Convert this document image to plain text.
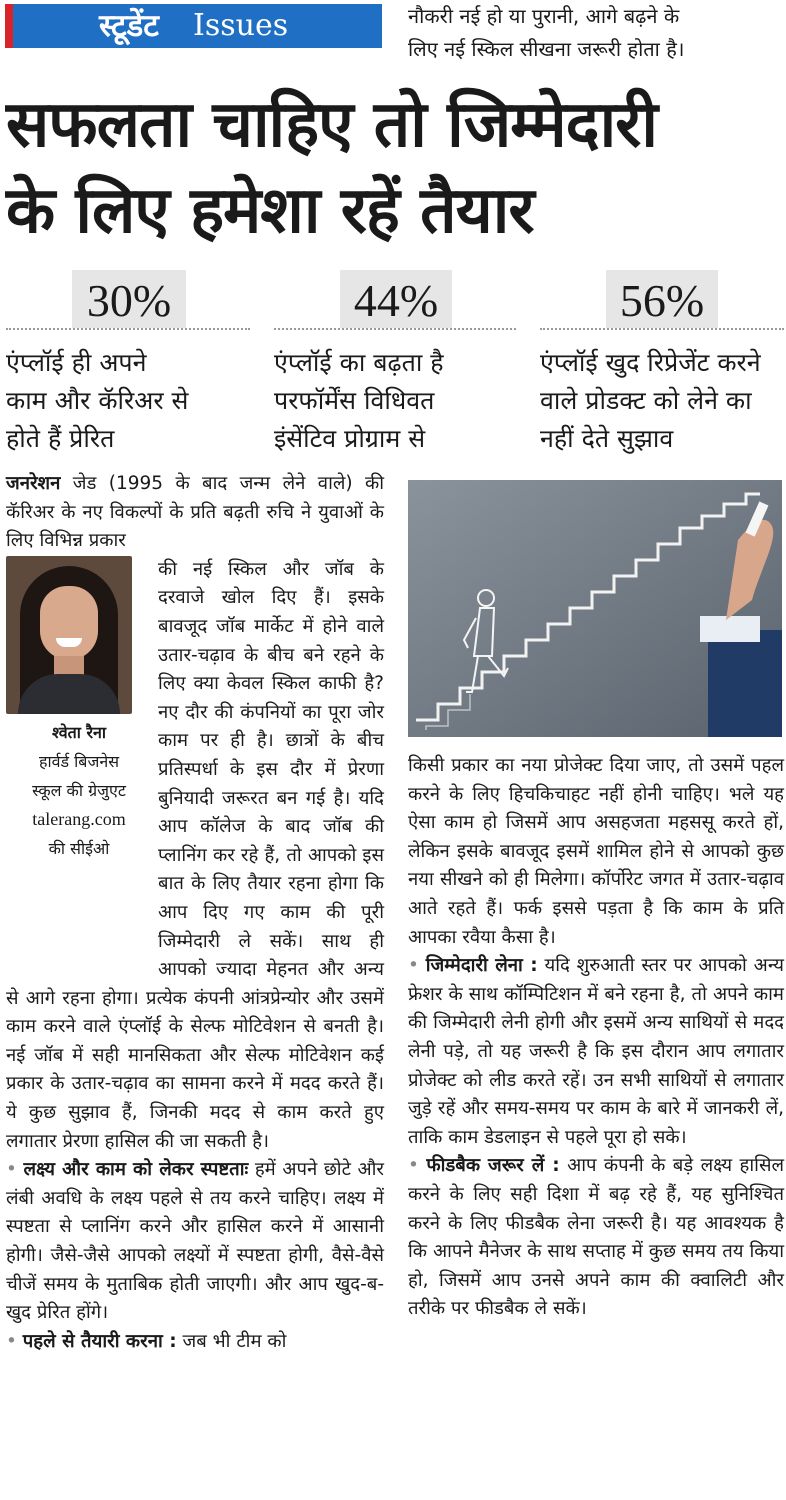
स्टूडेंट Issues	नौकरी नई हो या पुरानी, आगे बढ़ने के
लिए नई स्किल सीखना जरूरी होता है।
सफलता चाहिए तो जिम्मेदारी
के लिए हमेशा रहें तैयार
30%
एंप्लॉई ही अपने
काम और कॅरिअर से
होते हैं प्रेरित
44%
एंप्लॉई का बढ़ता है
परफॉर्मेंस विधिवत
इंसेंटिव प्रोग्राम से
56%
एंप्लॉई खुद रिप्रेजेंट करने
वाले प्रोडक्ट को लेने का
नहीं देते सुझाव

जनरेशन जेड (1995 के बाद जन्म लेने वाले) की कॅरिअर के नए विकल्पों के प्रति बढ़ती रुचि ने युवाओं के लिए विभिन्न प्रकार

श्वेता रैना
हार्वर्ड बिजनेस
स्कूल की ग्रेजुएट
talerang.com
की सीईओ
की नई स्किल और जॉब के दरवाजे खोल दिए हैं। इसके बावजूद जॉब मार्केट में होने वाले उतार-चढ़ाव के बीच बने रहने के लिए क्या केवल स्किल काफी है? नए दौर की कंपनियों का पूरा जोर काम पर ही है। छात्रों के बीच प्रतिस्पर्धा के इस दौर में प्रेरणा बुनियादी जरूरत बन गई है। यदि आप कॉलेज के बाद जॉब की प्लानिंग कर रहे हैं, तो आपको इस बात के लिए तैयार रहना होगा कि आप दिए गए काम की पूरी जिम्मेदारी ले सकें। साथ ही आपको ज्यादा मेहनत और अन्य से आगे रहना होगा। प्रत्येक कंपनी आंत्रप्रेन्योर और उसमें काम करने वाले एंप्लॉई के सेल्फ मोटिवेशन से बनती है। नई जॉब में सही मानसिकता और सेल्फ मोटिवेशन कई प्रकार के उतार-चढ़ाव का सामना करने में मदद करते हैं। ये कुछ सुझाव हैं, जिनकी मदद से काम करते हुए लगातार प्रेरणा हासिल की जा सकती है।

• लक्ष्य और काम को लेकर स्पष्टताः हमें अपने छोटे और लंबी अवधि के लक्ष्य पहले से तय करने चाहिए। लक्ष्य में स्पष्टता से प्लानिंग करने और हासिल करने में आसानी होगी। जैसे-जैसे आपको लक्ष्यों में स्पष्टता होगी, वैसे-वैसे चीजें समय के मुताबिक होती जाएगी। और आप खुद-ब-खुद प्रेरित होंगे।

• पहले से तैयारी करना : जब भी टीम को

किसी प्रकार का नया प्रोजेक्ट दिया जाए, तो उसमें पहल करने के लिए हिचकिचाहट नहीं होनी चाहिए। भले यह ऐसा काम हो जिसमें आप असहजता महससू करते हों, लेकिन इसके बावजूद इसमें शामिल होने से आपको कुछ नया सीखने को ही मिलेगा। कॉर्पोरेट जगत में उतार-चढ़ाव आते रहते हैं। फर्क इससे पड़ता है कि काम के प्रति आपका रवैया कैसा है।

• जिम्मेदारी लेना : यदि शुरुआती स्तर पर आपको अन्य फ्रेशर के साथ कॉम्पिटिशन में बने रहना है, तो अपने काम की जिम्मेदारी लेनी होगी और इसमें अन्य साथियों से मदद लेनी पड़े, तो यह जरूरी है कि इस दौरान आप लगातार प्रोजेक्ट को लीड करते रहें। उन सभी साथियों से लगातार जुड़े रहें और समय-समय पर काम के बारे में जानकरी लें, ताकि काम डेडलाइन से पहले पूरा हो सके।

• फीडबैक जरूर लें : आप कंपनी के बड़े लक्ष्य हासिल करने के लिए सही दिशा में बढ़ रहे हैं, यह सुनिश्चित करने के लिए फीडबैक लेना जरूरी है। यह आवश्यक है कि आपने मैनेजर के साथ सप्ताह में कुछ समय तय किया हो, जिसमें आप उनसे अपने काम की क्वालिटी और तरीके पर फीडबैक ले सकें।
